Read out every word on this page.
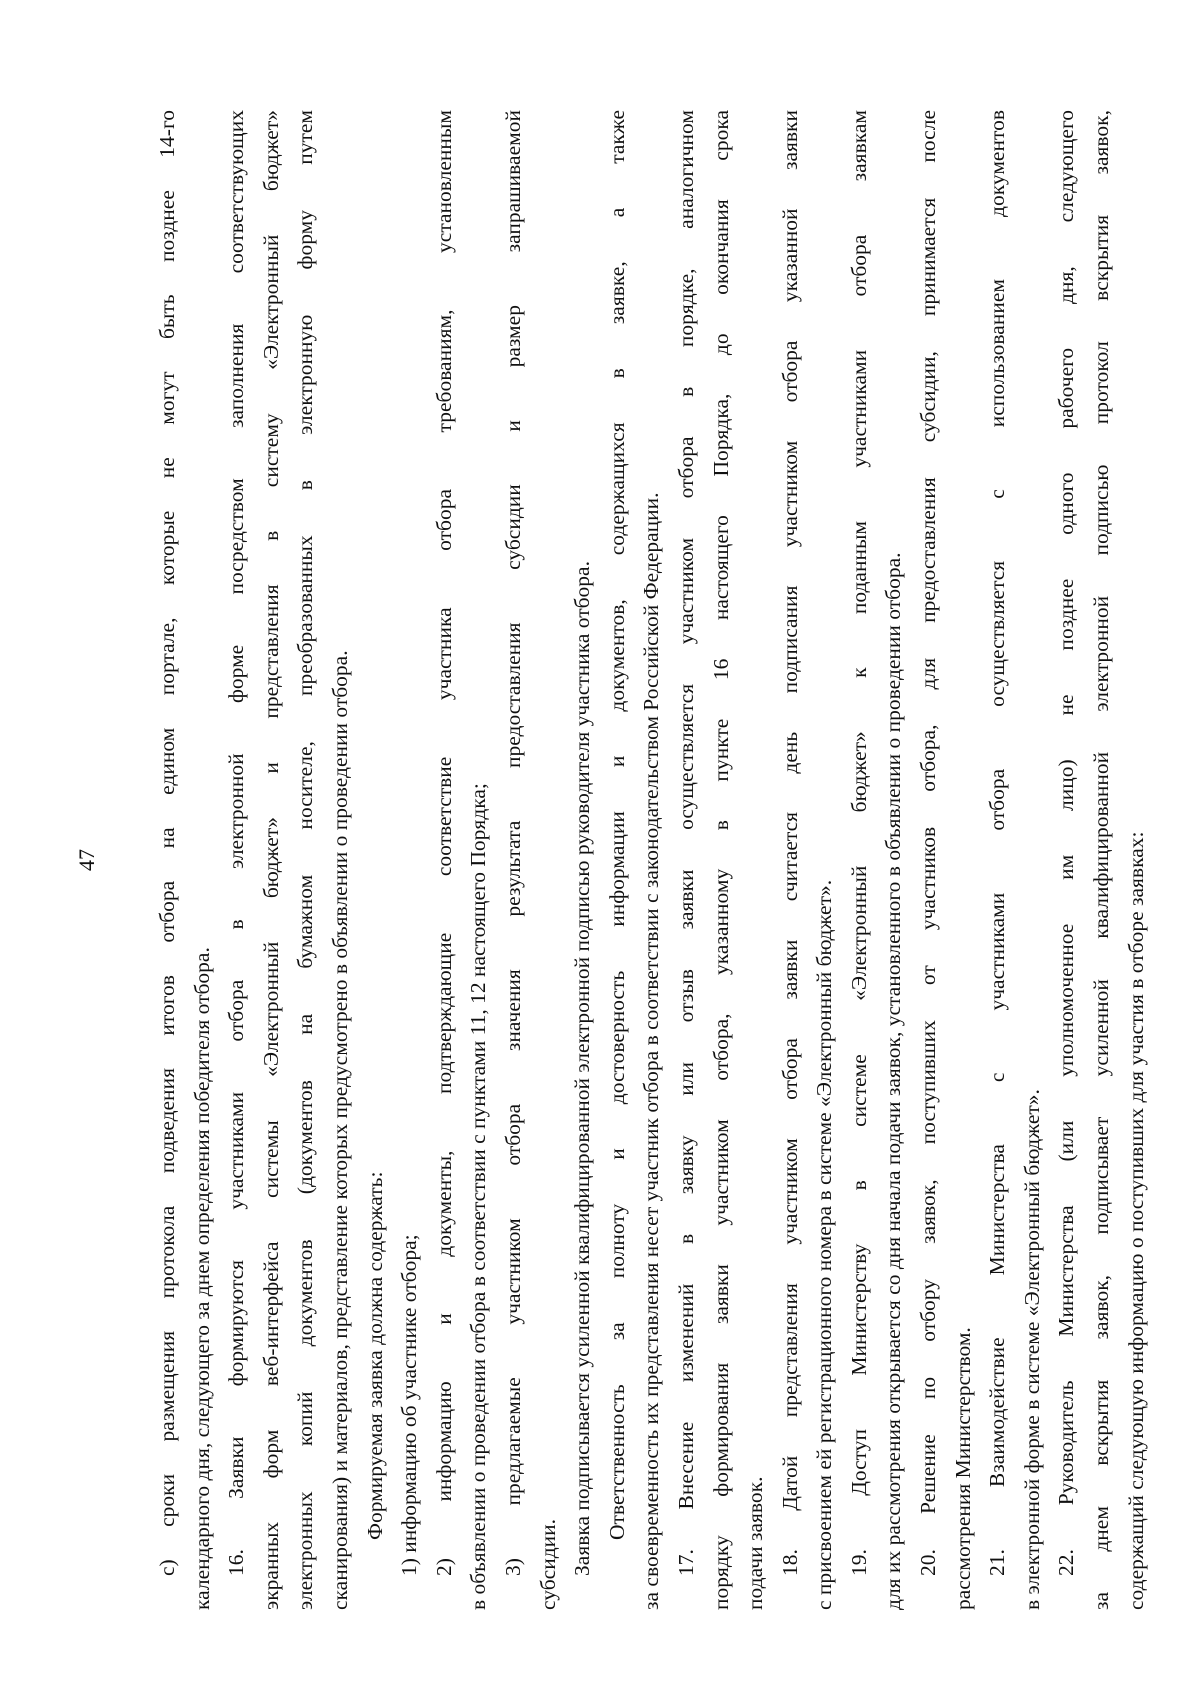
47	с) сроки размещения протокола подведения итогов отбора на едином портале, которые не могут быть позднее 14-го календарного дня, следующего за днем определения победителя отбора. 16. Заявки формируются участниками отбора в электронной форме посредством заполнения соответствующих экранных форм веб-интерфейса системы «Электронный бюджет» и представления в систему «Электронный бюджет» электронных копий документов (документов на бумажном носителе, преобразованных в электронную форму путем сканирования) и материалов, представление которых предусмотрено в объявлении о проведении отбора. Формируемая заявка должна содержать: 1) информацию об участнике отбора; 2) информацию и документы, подтверждающие соответствие участника отбора требованиям, установленным в объявлении о проведении отбора в соответствии с пунктами 11, 12 настоящего Порядка; 3) предлагаемые участником отбора значения результата предоставления субсидии и размер запрашиваемой субсидии. Заявка подписывается усиленной квалифицированной электронной подписью руководителя участника отбора. Ответственность за полноту и достоверность информации и документов, содержащихся в заявке, а также за своевременность их представления несет участник отбора в соответствии с законодательством Российской Федерации. 17. Внесение изменений в заявку или отзыв заявки осуществляется участником отбора в порядке, аналогичном порядку формирования заявки участником отбора, указанному в пункте 16 настоящего Порядка, до окончания срока подачи заявок. 18. Датой представления участником отбора заявки считается день подписания участником отбора указанной заявки с присвоением ей регистрационного номера в системе «Электронный бюджет». 19. Доступ Министерству в системе «Электронный бюджет» к поданным участниками отбора заявкам для их рассмотрения открывается со дня начала подачи заявок, установленного в объявлении о проведении отбора. 20. Решение по отбору заявок, поступивших от участников отбора, для предоставления субсидии, принимается после рассмотрения Министерством. 21. Взаимодействие Министерства с участниками отбора осуществляется с использованием документов в электронной форме в системе «Электронный бюджет». 22. Руководитель Министерства (или уполномоченное им лицо) не позднее одного рабочего дня, следующего за днем вскрытия заявок, подписывает усиленной квалифицированной электронной подписью протокол вскрытия заявок, содержащий следующую информацию о поступивших для участия в отборе заявках:
